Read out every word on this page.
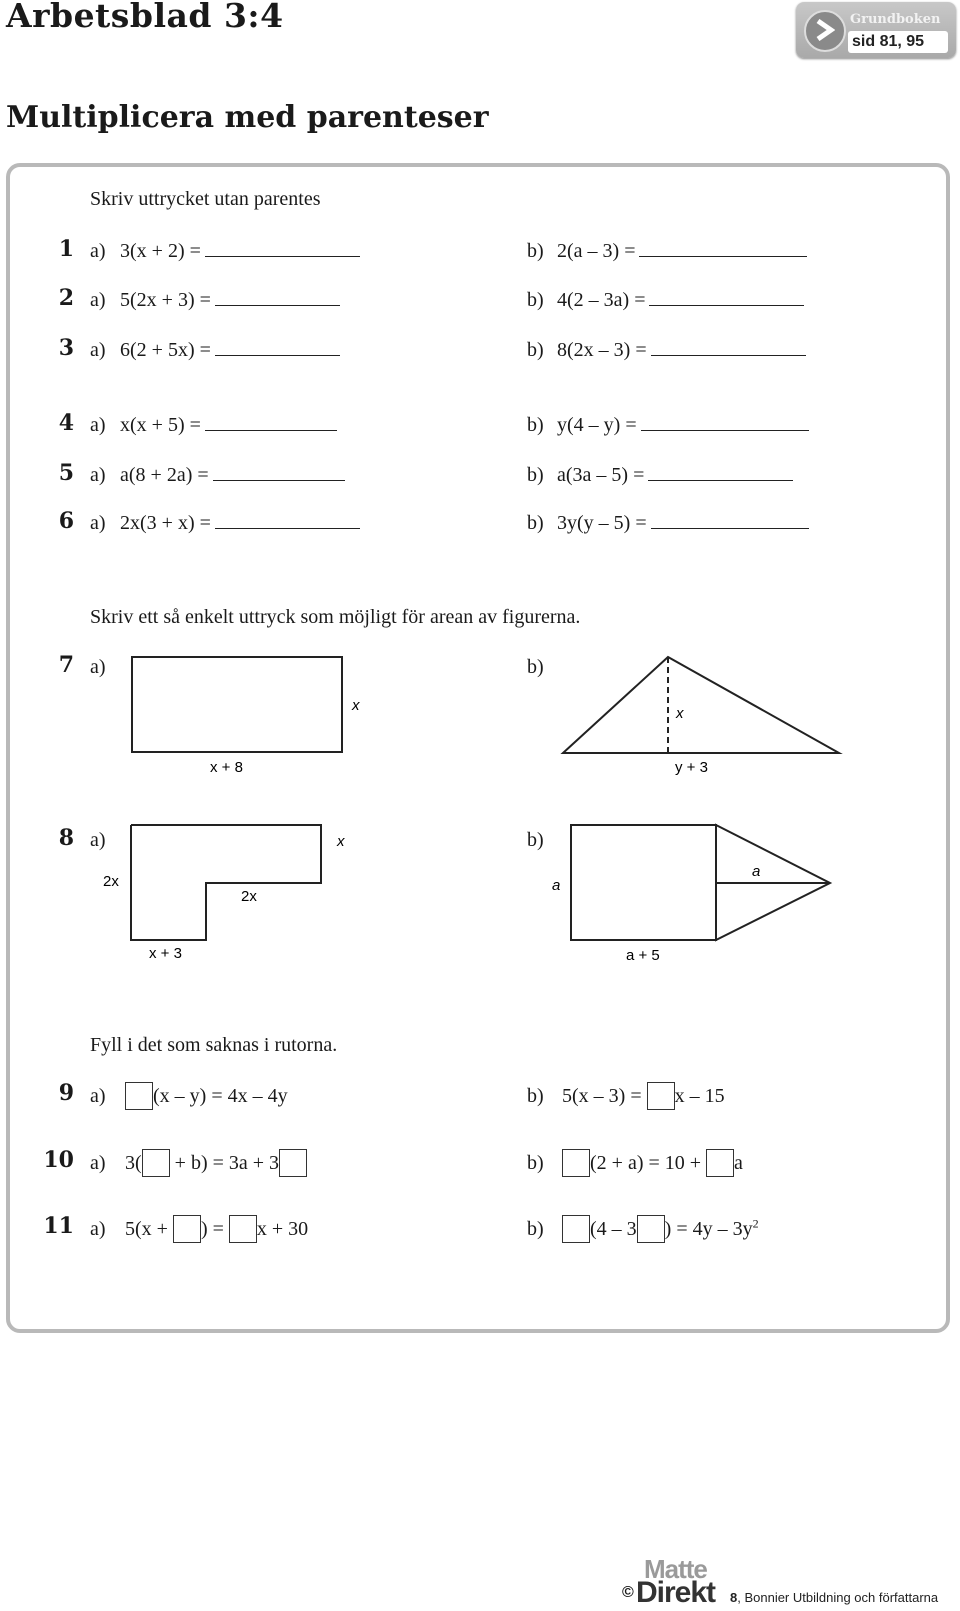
Arbetsblad 3:4	Grundboken
sid 81, 95
Multiplicera med parenteser
Skriv uttrycket utan parentes
1 a) 3(x + 2) =	b) 2(a – 3) =
2 a) 5(2x + 3) =	b) 4(2 – 3a) =
3 a) 6(2 + 5x) =	b) 8(2x – 3) =
4 a) x(x + 5) =	b) y(4 – y) =
5 a) a(8 + 2a) =	b) a(3a – 5) =
6 a) 2x(3 + x) =	b) 3y(y – 5) =
Skriv ett så enkelt uttryck som möjligt för arean av figurerna.
7 a)	b)
x
x + 8
x
y + 3
8 a)	b)
x
2x
2x
x + 3
a
a
a + 5
Fyll i det som saknas i rutorna.
9 a) (x – y) = 4x – 4y	b) 5(x – 3) = x – 15
10 a) 3( + b) = 3a + 3	b) (2 + a) = 10 + a
11 a) 5(x + ) = x + 30	b) (4 – 3 ) = $4y - 3y^2$
©
Matte
Direkt 8, Bonnier Utbildning och författarna
